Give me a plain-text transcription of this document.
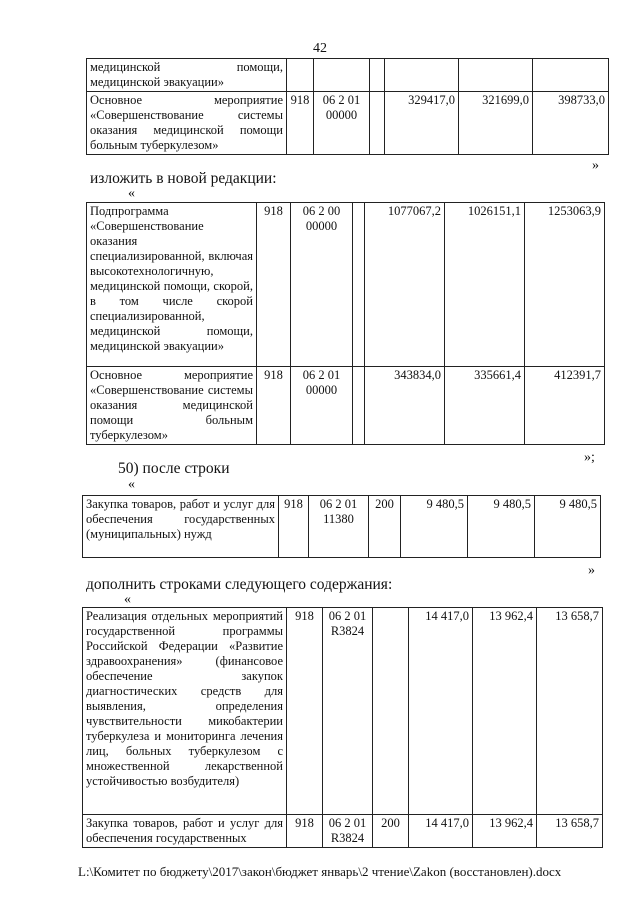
42
медицинской помощи, медицинской эвакуации»						
Основное мероприятие «Совершенствование системы оказания медицинской помощи больным туберкулезом»	918	06 2 01 00000		329417,0	321699,0	398733,0
»
изложить в новой редакции:
«
Подпрограмма «Совершенствование оказания специализированной, включая высокотехнологичную, медицинской помощи, скорой, в том числе скорой специализированной, медицинской помощи, медицинской эвакуации»	918	06 2 00 00000		1077067,2	1026151,1	1253063,9
Основное мероприятие «Совершенствование системы оказания медицинской помощи больным туберкулезом»	918	06 2 01 00000		343834,0	335661,4	412391,7
»;
50) после строки
«
Закупка товаров, работ и услуг для обеспечения государственных (муниципальных) нужд	918	06 2 01 11380	200	9 480,5	9 480,5	9 480,5
»
дополнить строками следующего содержания:
«
Реализация отдельных мероприятий государственной программы Российской Федерации «Развитие здравоохранения» (финансовое обеспечение закупок диагностических средств для выявления, определения чувствительности микобактерии туберкулеза и мониторинга лечения лиц, больных туберкулезом с множественной лекарственной устойчивостью возбудителя)	918	06 2 01 R3824		14 417,0	13 962,4	13 658,7
Закупка товаров, работ и услуг для обеспечения государственных	918	06 2 01 R3824	200	14 417,0	13 962,4	13 658,7
L:\Комитет по бюджету\2017\закон\бюджет январь\2 чтение\Zakon (восстановлен).docx
